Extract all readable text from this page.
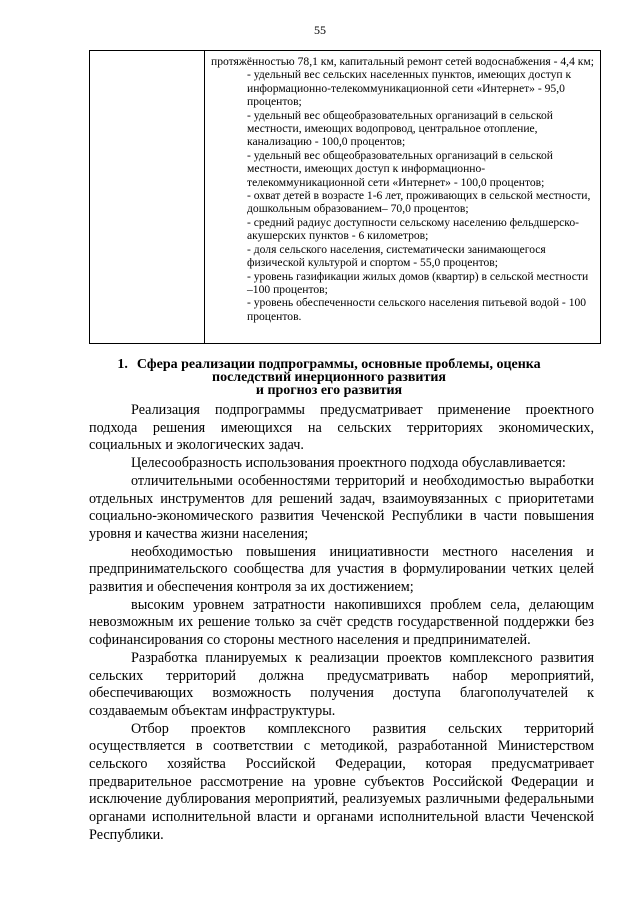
55

протяжённостью 78,1 км, капитальный ремонт сетей водоснабжения - 4,4 км;

- удельный вес сельских населенных пунктов, имеющих доступ к информационно-телекоммуникационной сети «Интернет» - 95,0 процентов;

- удельный вес общеобразовательных организаций в сельской местности, имеющих водопровод, центральное отопление, канализацию - 100,0 процентов;

- удельный вес общеобразовательных организаций в сельской местности, имеющих доступ к информационно-телекоммуникационной сети «Интернет» - 100,0 процентов;

- охват детей в возрасте 1-6 лет, проживающих в сельской местности, дошкольным образованием– 70,0 процентов;

- средний радиус доступности сельскому населению фельдшерско-акушерских пунктов - 6 километров;

- доля сельского населения, систематически занимающегося физической культурой и спортом - 55,0 процентов;

- уровень газификации жилых домов (квартир) в сельской местности –100 процентов;

- уровень обеспеченности сельского населения питьевой водой - 100 процентов.

1. Сфера реализации подпрограммы, основные проблемы, оценка
последствий инерционного развития
и прогноз его развития

Реализация подпрограммы предусматривает применение проектного подхода решения имеющихся на сельских территориях экономических, социальных и экологических задач.

Целесообразность использования проектного подхода обуславливается:

отличительными особенностями территорий и необходимостью выработки отдельных инструментов для решений задач, взаимоувязанных с приоритетами социально-экономического развития Чеченской Республики в части повышения уровня и качества жизни населения;

необходимостью повышения инициативности местного населения и предпринимательского сообщества для участия в формулировании четких целей развития и обеспечения контроля за их достижением;

высоким уровнем затратности накопившихся проблем села, делающим невозможным их решение только за счёт средств государственной поддержки без софинансирования со стороны местного населения и предпринимателей.

Разработка планируемых к реализации проектов комплексного развития сельских территорий должна предусматривать набор мероприятий, обеспечивающих возможность получения доступа благополучателей к создаваемым объектам инфраструктуры.

Отбор проектов комплексного развития сельских территорий осуществляется в соответствии с методикой, разработанной Министерством сельского хозяйства Российской Федерации, которая предусматривает предварительное рассмотрение на уровне субъектов Российской Федерации и исключение дублирования мероприятий, реализуемых различными федеральными органами исполнительной власти и органами исполнительной власти Чеченской Республики.
